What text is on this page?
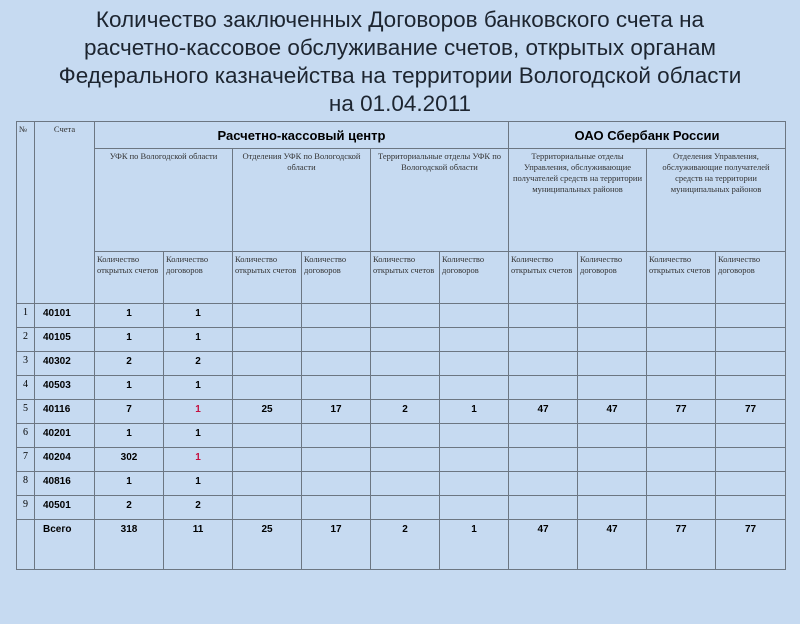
Количество заключенных Договоров банковского счета на
расчетно-кассовое обслуживание счетов, открытых органам
Федерального казначейства на территории Вологодской области
на 01.04.2011
№	Счета	Расчетно-кассовый центр						ОАО Сбербанк России			
		УФК по Вологодской области		Отделения УФК по Вологодской области		Территориальные отделы УФК по Вологодской области		Территориальные отделы Управления, обслуживающие получателей средств на территории муниципальных районов		Отделения Управления, обслуживающие получателей средств на территории муниципальных районов	
		Количество открытых счетов	Количество договоров	Количество открытых счетов	Количество договоров	Количество открытых счетов	Количество договоров	Количество открытых счетов	Количество договоров	Количество открытых счетов	Количество договоров
1	40101	1	1								
2	40105	1	1								
3	40302	2	2								
4	40503	1	1								
5	40116	7	1	25	17	2	1	47	47	77	77
6	40201	1	1								
7	40204	302	1								
8	40816	1	1								
9	40501	2	2								
	Всего	318	11	25	17	2	1	47	47	77	77
